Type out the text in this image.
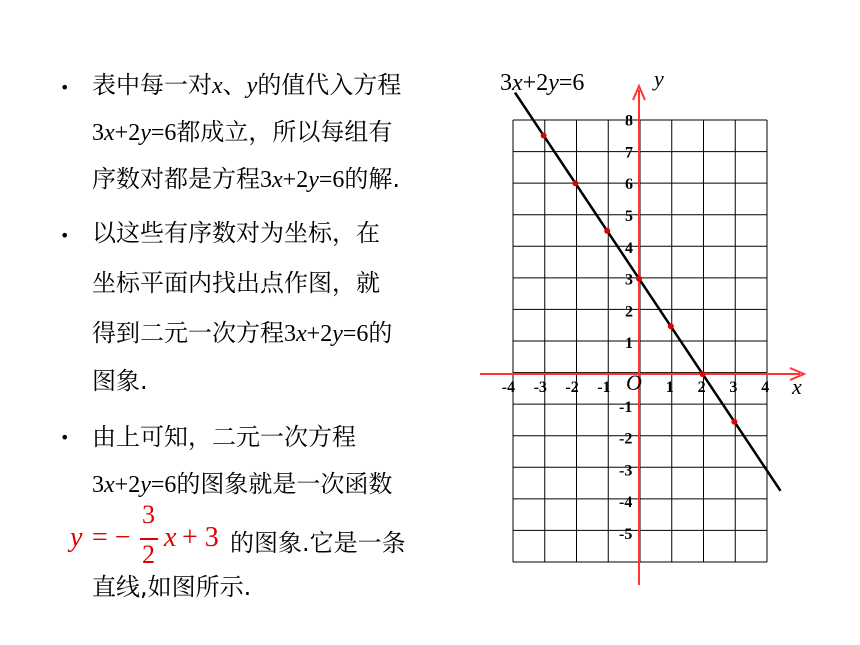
•
•
•
表中每一对x、y的值代入方程
3x+2y=6都成立，所以每组有
序数对都是方程3x+2y=6的解.
以这些有序数对为坐标，在
坐标平面内找出点作图，就
得到二元一次方程3x+2y=6的
图象.
由上可知，二元一次方程
3x+2y=6的图象就是一次函数
y = −
3
2
x + 3 的图象.它是一条
直线,如图所示.
3x+2y=6
x
y
O
-4 -3 -2 -1	1 2 3 4
8
7
6
5
4
3
2
1
-1
-2
-3
-4
-5
